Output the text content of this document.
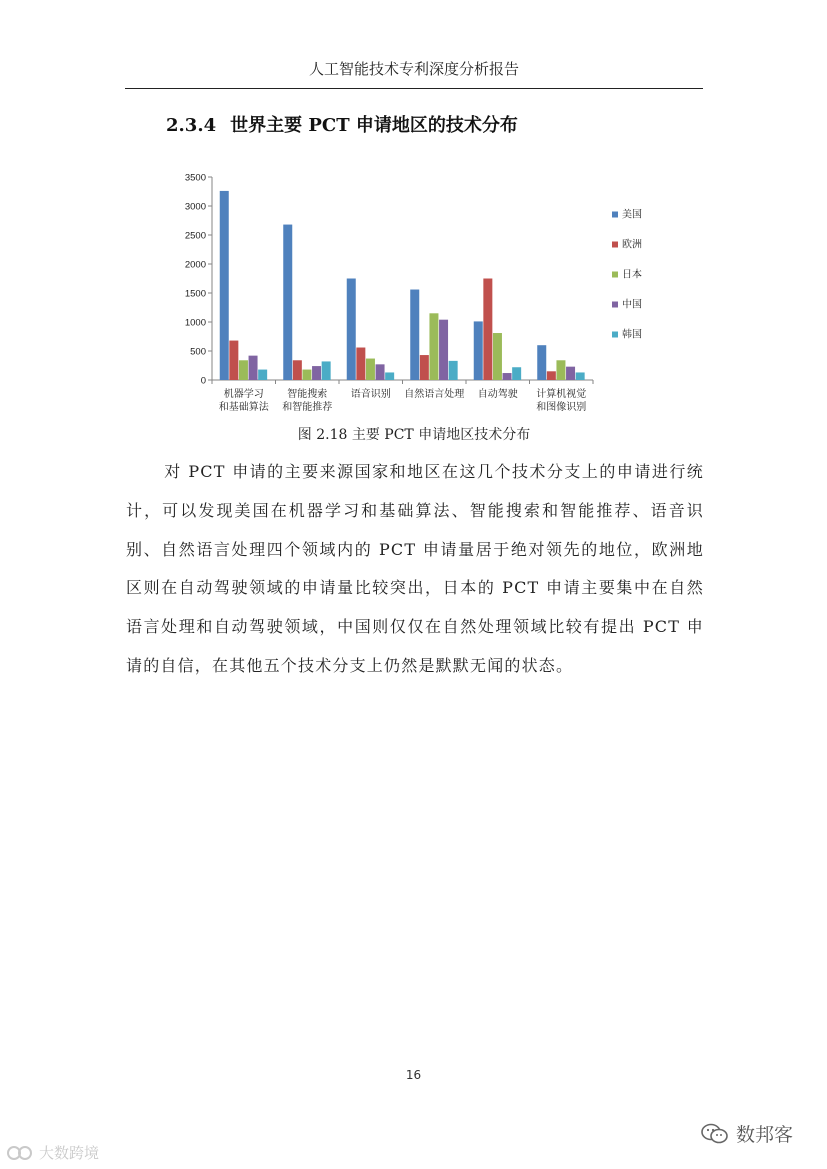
人工智能技术专利深度分析报告
2.3.4 世界主要 PCT 申请地区的技术分布
0
500
1000
1500
2000
2500
3000
3500
机器学习
和基础算法
智能搜索
和智能推荐
语音识别 自然语言处理 自动驾驶 计算机视觉
和图像识别
美国
欧洲
日本
中国
韩国
图 2.18 主要 PCT 申请地区技术分布

对 PCT 申请的主要来源国家和地区在这几个技术分支上的申请进行统计，可以发现美国在机器学习和基础算法、智能搜索和智能推荐、语音识别、自然语言处理四个领域内的 PCT 申请量居于绝对领先的地位，欧洲地区则在自动驾驶领域的申请量比较突出，日本的 PCT 申请主要集中在自然语言处理和自动驾驶领域，中国则仅仅在自然处理领域比较有提出 PCT 申请的自信，在其他五个技术分支上仍然是默默无闻的状态。

16
大数跨境
数邦客
